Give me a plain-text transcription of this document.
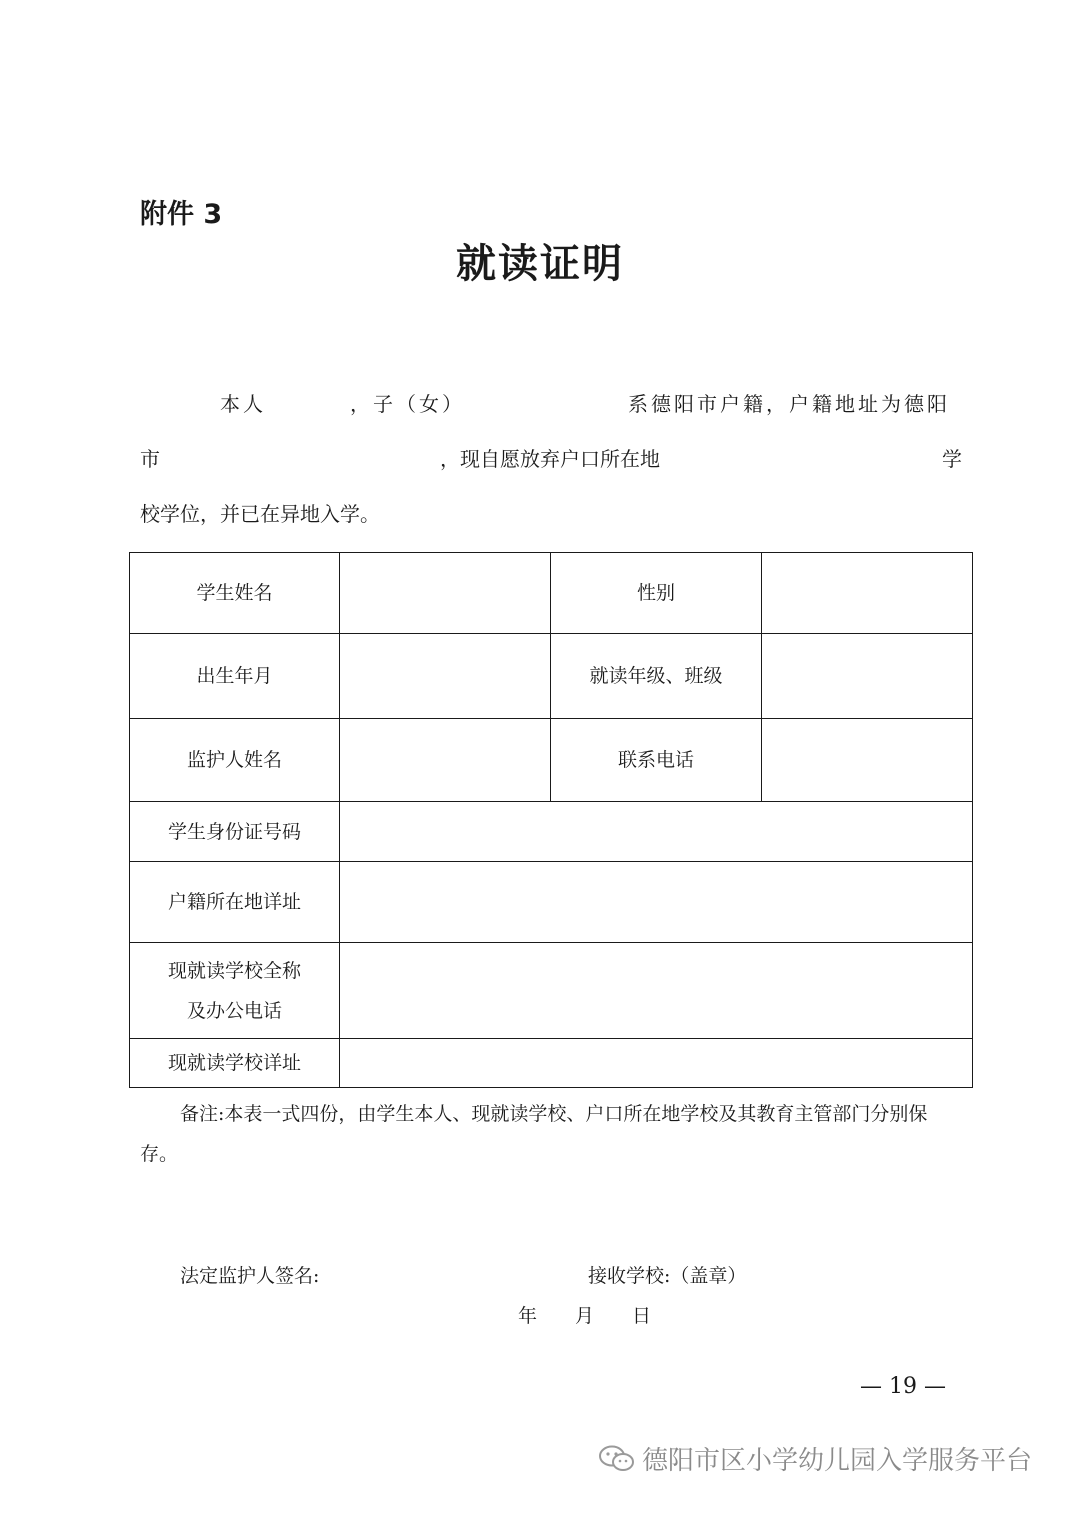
附件 3
就读证明
本人	，子（女）	系德阳市户籍，户籍地址为德阳
市	，现自愿放弃户口所在地	学
校学位，并已在异地入学。
学生姓名		性别	
出生年月		就读年级、班级	
监护人姓名		联系电话	
学生身份证号码			
户籍所在地详址			

现就读学校全称
及办公电话			

现就读学校详址			
备注:本表一式四份，由学生本人、现就读学校、户口所在地学校及其教育主管部门分别保
存。
法定监护人签名:	接收学校:（盖章）
年　　月　　日
— 19 —
德阳市区小学幼儿园入学服务平台
